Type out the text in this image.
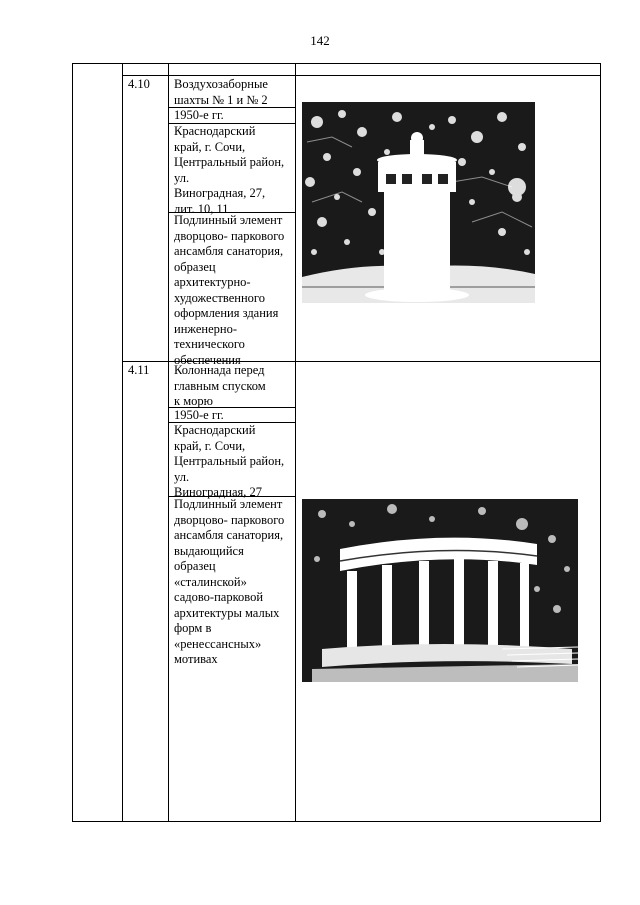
142
4.10 Воздухозаборные
шахты № 1 и № 2
1950-е гг.
Краснодарский
край, г. Сочи,
Центральный район,
ул.
Виноградная, 27,
лит. 10, 11
Подлинный элемент
дворцово- паркового
ансамбля санатория,
образец
архитектурно-
художественного
оформления здания
инженерно-
технического
обеспечения
4.11 Колоннада перед
главным спуском
к морю
1950-е гг.
Краснодарский
край, г. Сочи,
Центральный район,
ул.
Виноградная, 27
Подлинный элемент
дворцово- паркового
ансамбля санатория,
выдающийся
образец
«сталинской»
садово-парковой
архитектуры малых
форм в
«ренессансных»
мотивах
